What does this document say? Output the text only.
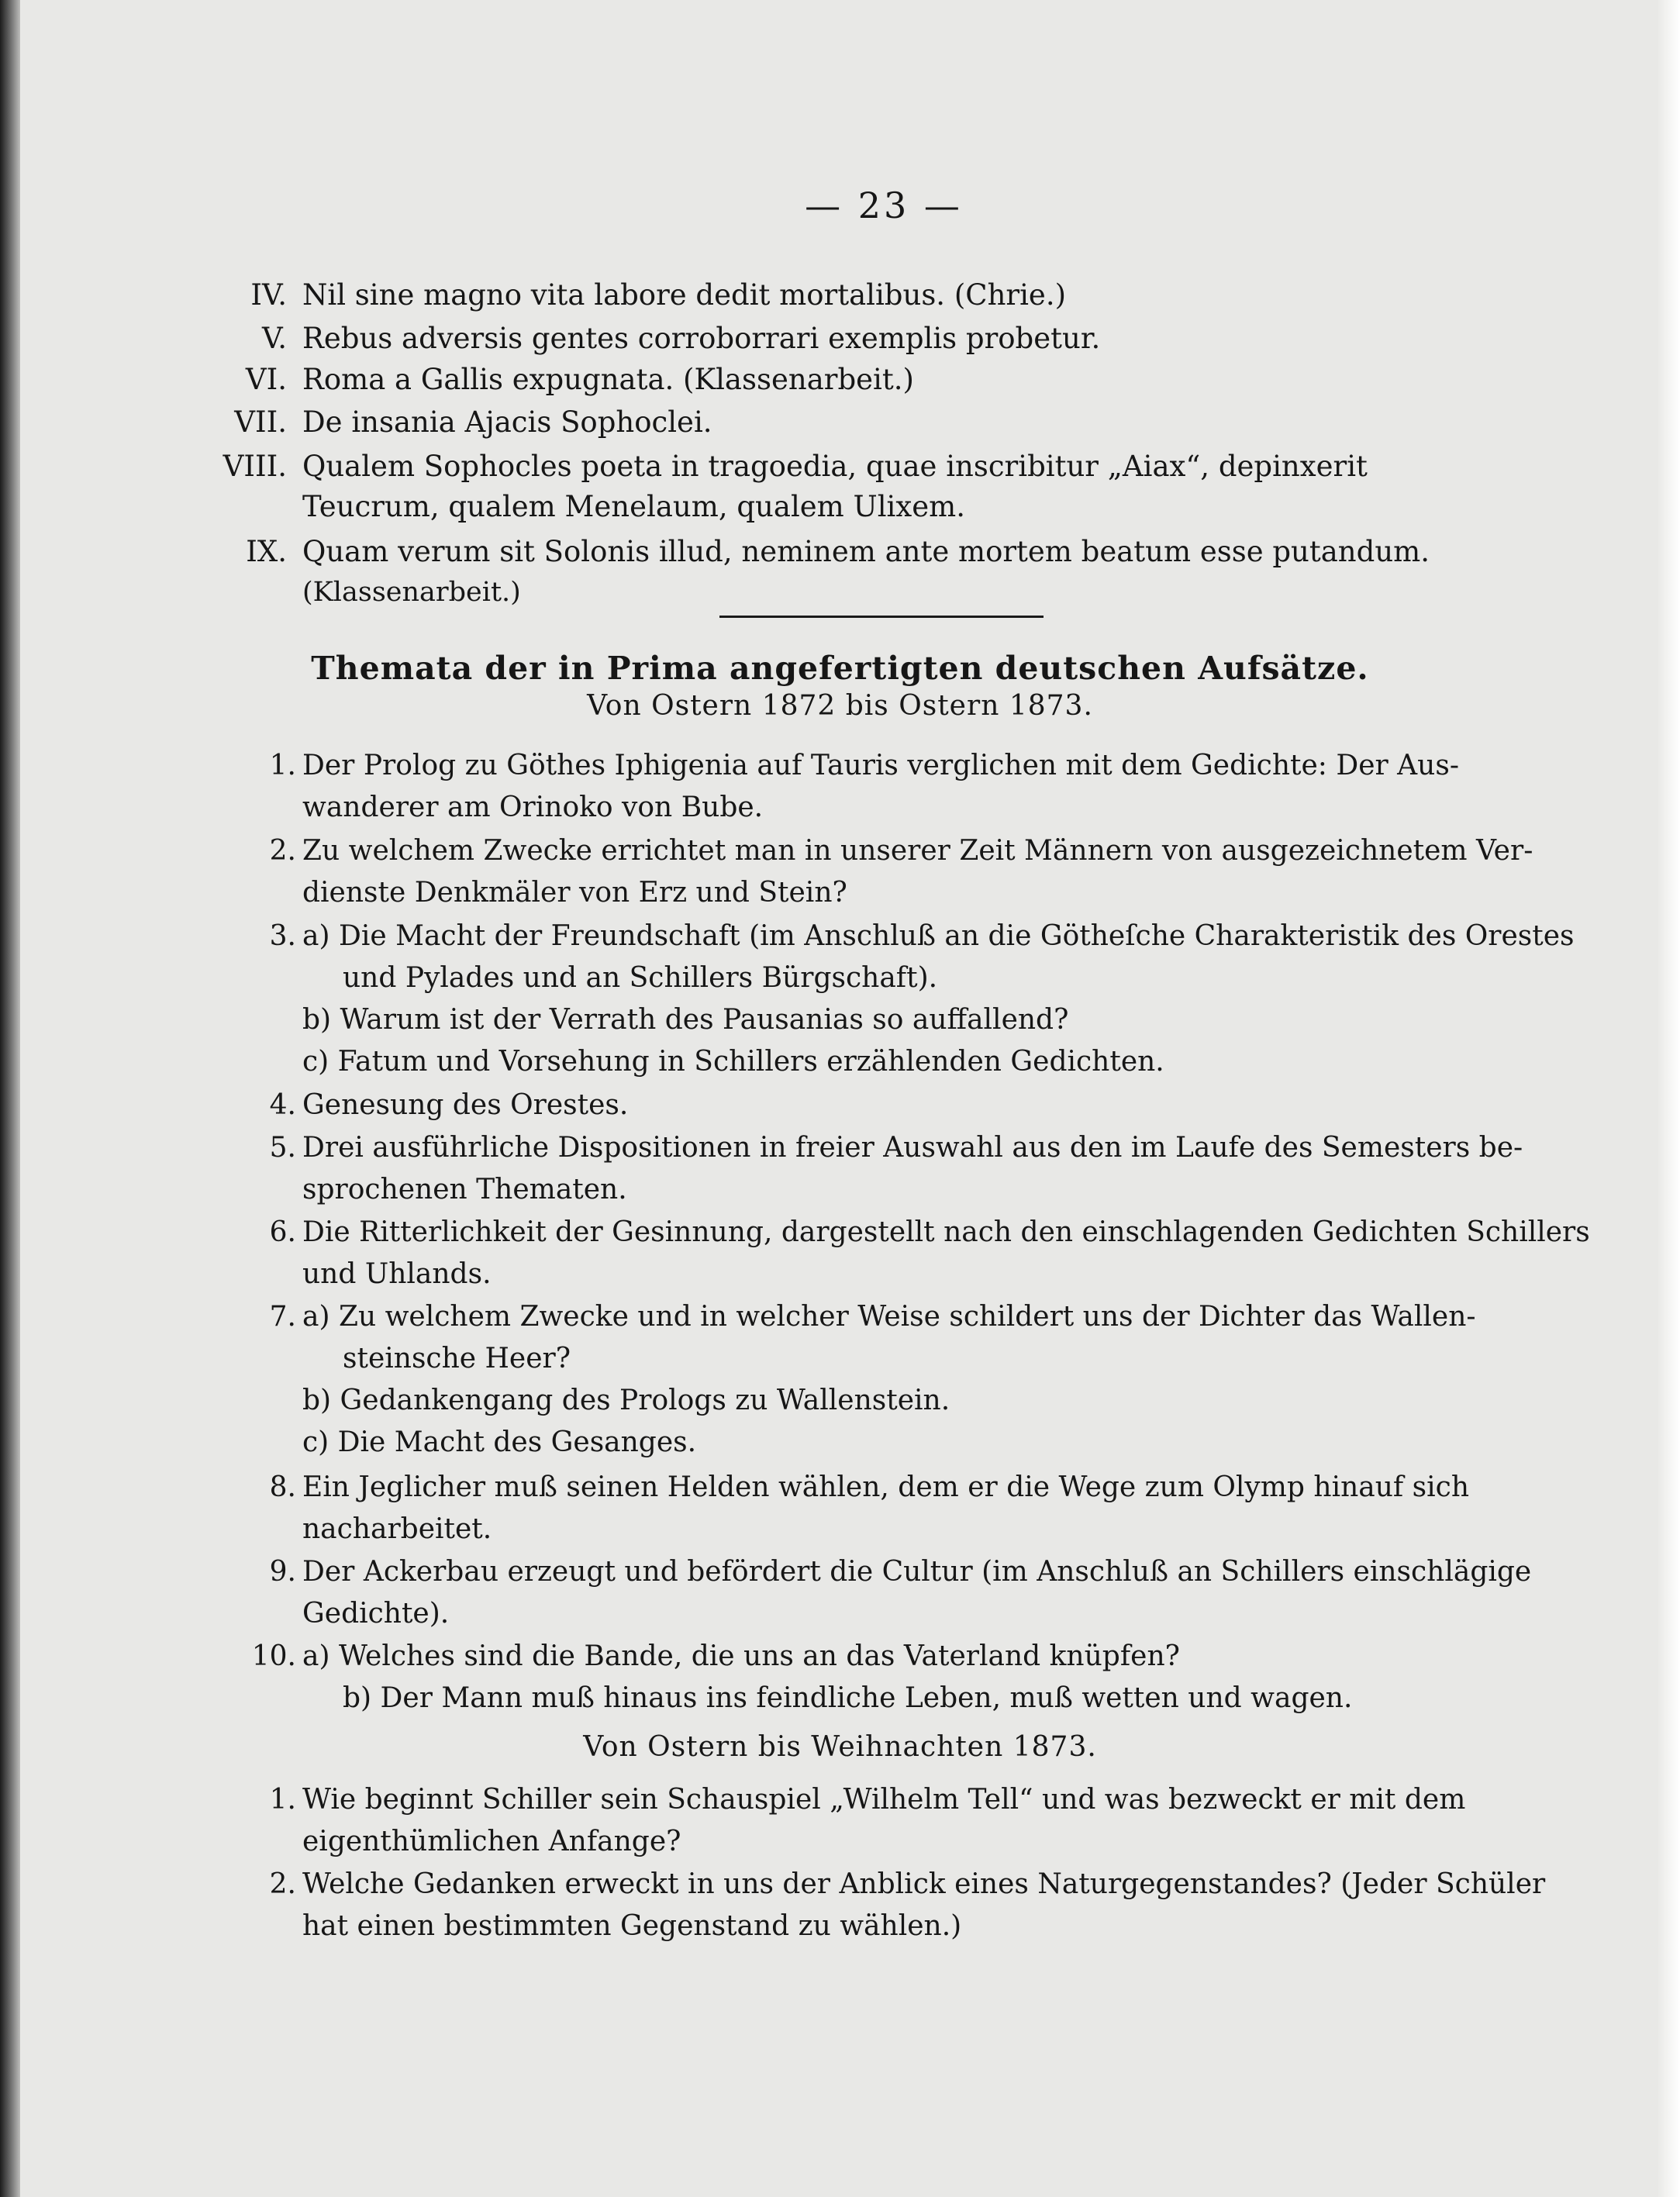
— 23 —
IV. Nil sine magno vita labore dedit mortalibus. (Chrie.)
V. Rebus adversis gentes corroborrari exemplis probetur.
VI. Roma a Gallis expugnata. (Klassenarbeit.)
VII. De insania Ajacis Sophoclei.
VIII. Qualem Sophocles poeta in tragoedia, quae inscribitur „Aiax“, depinxerit
Teucrum, qualem Menelaum, qualem Ulixem.
IX. Quam verum sit Solonis illud, neminem ante mortem beatum esse putandum.
(Klassenarbeit.)
Themata der in Prima angefertigten deutschen Aufsätze.
Von Ostern 1872 bis Ostern 1873.
1. Der Prolog zu Göthes Iphigenia auf Tauris verglichen mit dem Gedichte: Der Aus-
wanderer am Orinoko von Bube.
2. Zu welchem Zwecke errichtet man in unserer Zeit Männern von ausgezeichnetem Ver-
dienste Denkmäler von Erz und Stein?
3. a) Die Macht der Freundschaft (im Anschluß an die Götheſche Charakteristik des Orestes
und Pylades und an Schillers Bürgschaft).
b) Warum ist der Verrath des Pausanias so auffallend?
c) Fatum und Vorsehung in Schillers erzählenden Gedichten.
4. Genesung des Orestes.
5. Drei ausführliche Dispositionen in freier Auswahl aus den im Laufe des Semesters be-
sprochenen Thematen.
6. Die Ritterlichkeit der Gesinnung, dargestellt nach den einschlagenden Gedichten Schillers
und Uhlands.
7. a) Zu welchem Zwecke und in welcher Weise schildert uns der Dichter das Wallen-
steinsche Heer?
b) Gedankengang des Prologs zu Wallenstein.
c) Die Macht des Gesanges.
8. Ein Jeglicher muß seinen Helden wählen, dem er die Wege zum Olymp hinauf sich
nacharbeitet.
9. Der Ackerbau erzeugt und befördert die Cultur (im Anschluß an Schillers einschlägige
Gedichte).
10. a) Welches sind die Bande, die uns an das Vaterland knüpfen?
b) Der Mann muß hinaus ins feindliche Leben, muß wetten und wagen.
Von Ostern bis Weihnachten 1873.
1. Wie beginnt Schiller sein Schauspiel „Wilhelm Tell“ und was bezweckt er mit dem
eigenthümlichen Anfange?
2. Welche Gedanken erweckt in uns der Anblick eines Naturgegenstandes? (Jeder Schüler
hat einen bestimmten Gegenstand zu wählen.)
